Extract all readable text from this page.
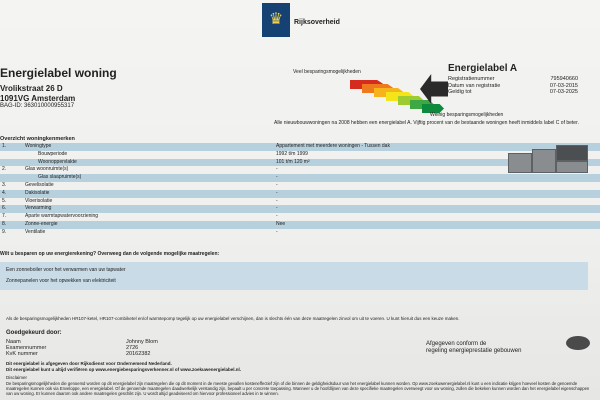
♛ Rijksoverheid
Energielabel woning
Vrolikstraat 26 D
1091VG Amsterdam
BAG-ID: 363010000955317
Veel besparingsmogelijkheden
Weinig besparingsmogelijkheden
Alle nieuwbouwwoningen na 2008 hebben een energielabel A. Vijftig procent van de bestaande woningen heeft inmiddels label C of beter.
Energielabel A
Registratienummer	795940660
Datum van registratie	07-03-2015
Geldig tot	07-03-2025
Overzicht woningkenmerken
1.	Woningtype	Appartement met meerdere woningen - Tussen dak
Bouwperiode	1992 t/m 1999
Woonoppervlakte	101 t/m 120 m²
2.	Glas woonruimte(s)	-
Glas slaapruimte(s)	-
3.	Gevelisolatie	-
4.	Dakisolatie	-
5.	Vloerisolatie	-
6.	Verwarming	-
7.	Aparte warmtapwatervoorziening	-
8.	Zonne-energie	Nee
9.	Ventilatie	-
Wilt u besparen op uw energierekening? Overweeg dan de volgende mogelijke maatregelen:
Een zonneboiler voor het verwarmen van uw tapwater
Zonnepanelen voor het opwekken van elektriciteit
Als de besparingsmogelijkheden HR107-ketel, HR107-combiketel en/of warmtepomp tegelijk op uw energielabel verschijnen, dan is slechts één van deze maatregelen zinvol om uit te voeren. U kunt hieruit dus een keuze maken.
Goedgekeurd door:
Naam	Johnny Blom
Examennummer	2726
KvK nummer	20162382
Afgegeven conform de
regeling energieprestatie gebouwen
Dit energielabel is afgegeven door Rijksdienst voor Ondernemend Nederland.
Dit energielabel kunt u altijd verifiëren op www.energiebesparingsverkenner.nl of www.zoekuwenergielabel.nl.
Disclaimer
De besparingsmogelijkheden die genoemd worden op dit energielabel zijn maatregelen die op dit moment in de meeste gevallen kosteneffectief zijn of die binnen de geldigheidsduur van het energielabel kunnen worden. Op www.zoekuwenergielabel.nl kunt u een indicatie krijgen hoeveel kosten de genoemde maatregelen kunnen ook via Enveloppe, een energielabel. Of de genoemde maatregelen daadwerkelijk verstandig zijn, bepaalt u per concrete toepassing. Wanneer u de hoofdlijnen van deze specifieke maatregelen overweegt voor uw woning, zullen die bekeken kunnen worden dan het energielabel eigenschappen van uw woning. Er kunnen daarom ook andere maatregelen geschikt zijn. U wordt altijd geadviseerd om hiervoor professioneel advies in te winnen.
